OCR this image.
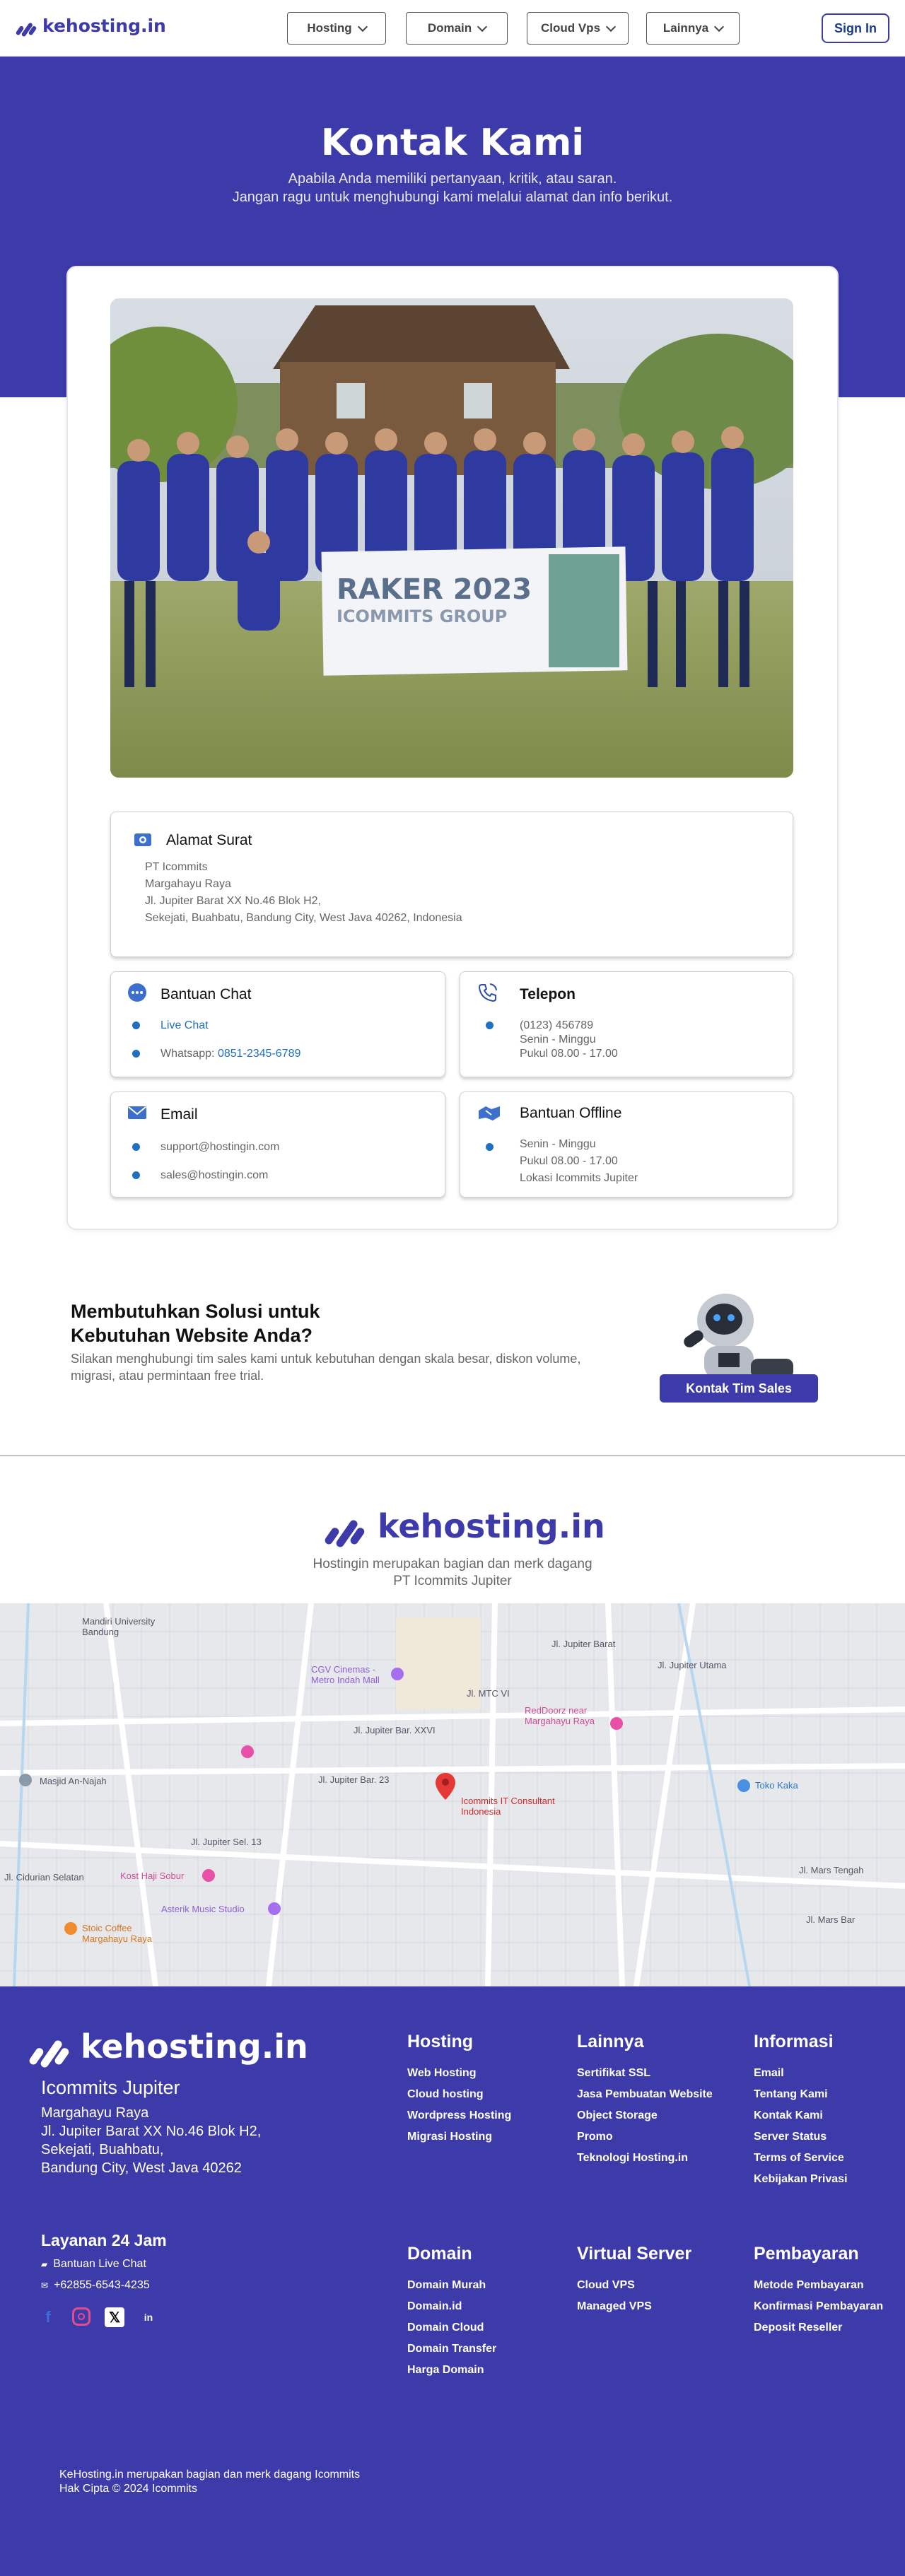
kehosting.in	Hosting	Domain	Cloud Vps	Lainnya	Sign In
Kontak Kami

Apabila Anda memiliki pertanyaan, kritik, atau saran.

Jangan ragu untuk menghubungi kami melalui alamat dan info berikut.

RAKER 2023
ICOMMITS GROUP
Alamat Surat
PT Icommits
Margahayu Raya
Jl. Jupiter Barat XX No.46 Blok H2,
Sekejati, Buahbatu, Bandung City, West Java 40262, Indonesia
Bantuan Chat
Live Chat
Whatsapp: 0851-2345-6789
Telepon
(0123) 456789
Senin - Minggu
Pukul 08.00 - 17.00
Email
support@hostingin.com
sales@hostingin.com
Bantuan Offline
Senin - Minggu
Pukul 08.00 - 17.00
Lokasi Icommits Jupiter
Membutuhkan Solusi untuk
Kebutuhan Website Anda?
Silakan menghubungi tim sales kami untuk kebutuhan dengan skala besar, diskon volume, migrasi, atau permintaan free trial.
Kontak Tim Sales
kehosting.in

Hostingin merupakan bagian dan merk dagang

PT Icommits Jupiter

Mandiri University Bandung
CGV Cinemas - Metro Indah Mall
Masjid An-Najah
Jl. Jupiter Bar. XXVI
Jl. Jupiter Bar. 23
Icommits IT Consultant Indonesia
RedDoorz near Margahayu Raya
Toko Kaka
Jl. Jupiter Sel. 13
Kost Haji Sobur
Asterik Music Studio
Stoic Coffee Margahayu Raya
Jl. Mars Tengah
Jl. Mars Bar
Jl. Jupiter Utama
Jl. Jupiter Barat
Jl. MTC VI
Jl. Cidurian Selatan
kehosting.in
Icommits Jupiter
Margahayu Raya
Jl. Jupiter Barat XX No.46 Blok H2,
Sekejati, Buahbatu,
Bandung City, West Java 40262
Layanan 24 Jam
▰ Bantuan Live Chat
✉ +62855-6543-4235
f	𝕏	in
Hosting
Web Hosting
Cloud hosting
Wordpress Hosting
Migrasi Hosting
Lainnya
Sertifikat SSL
Jasa Pembuatan Website
Object Storage
Promo
Teknologi Hosting.in
Informasi
Email
Tentang Kami
Kontak Kami
Server Status
Terms of Service
Kebijakan Privasi
Domain
Domain Murah
Domain.id
Domain Cloud
Domain Transfer
Harga Domain
Virtual Server
Cloud VPS
Managed VPS
Pembayaran
Metode Pembayaran
Konfirmasi Pembayaran
Deposit Reseller
KeHosting.in merupakan bagian dan merk dagang Icommits
Hak Cipta © 2024 Icommits
